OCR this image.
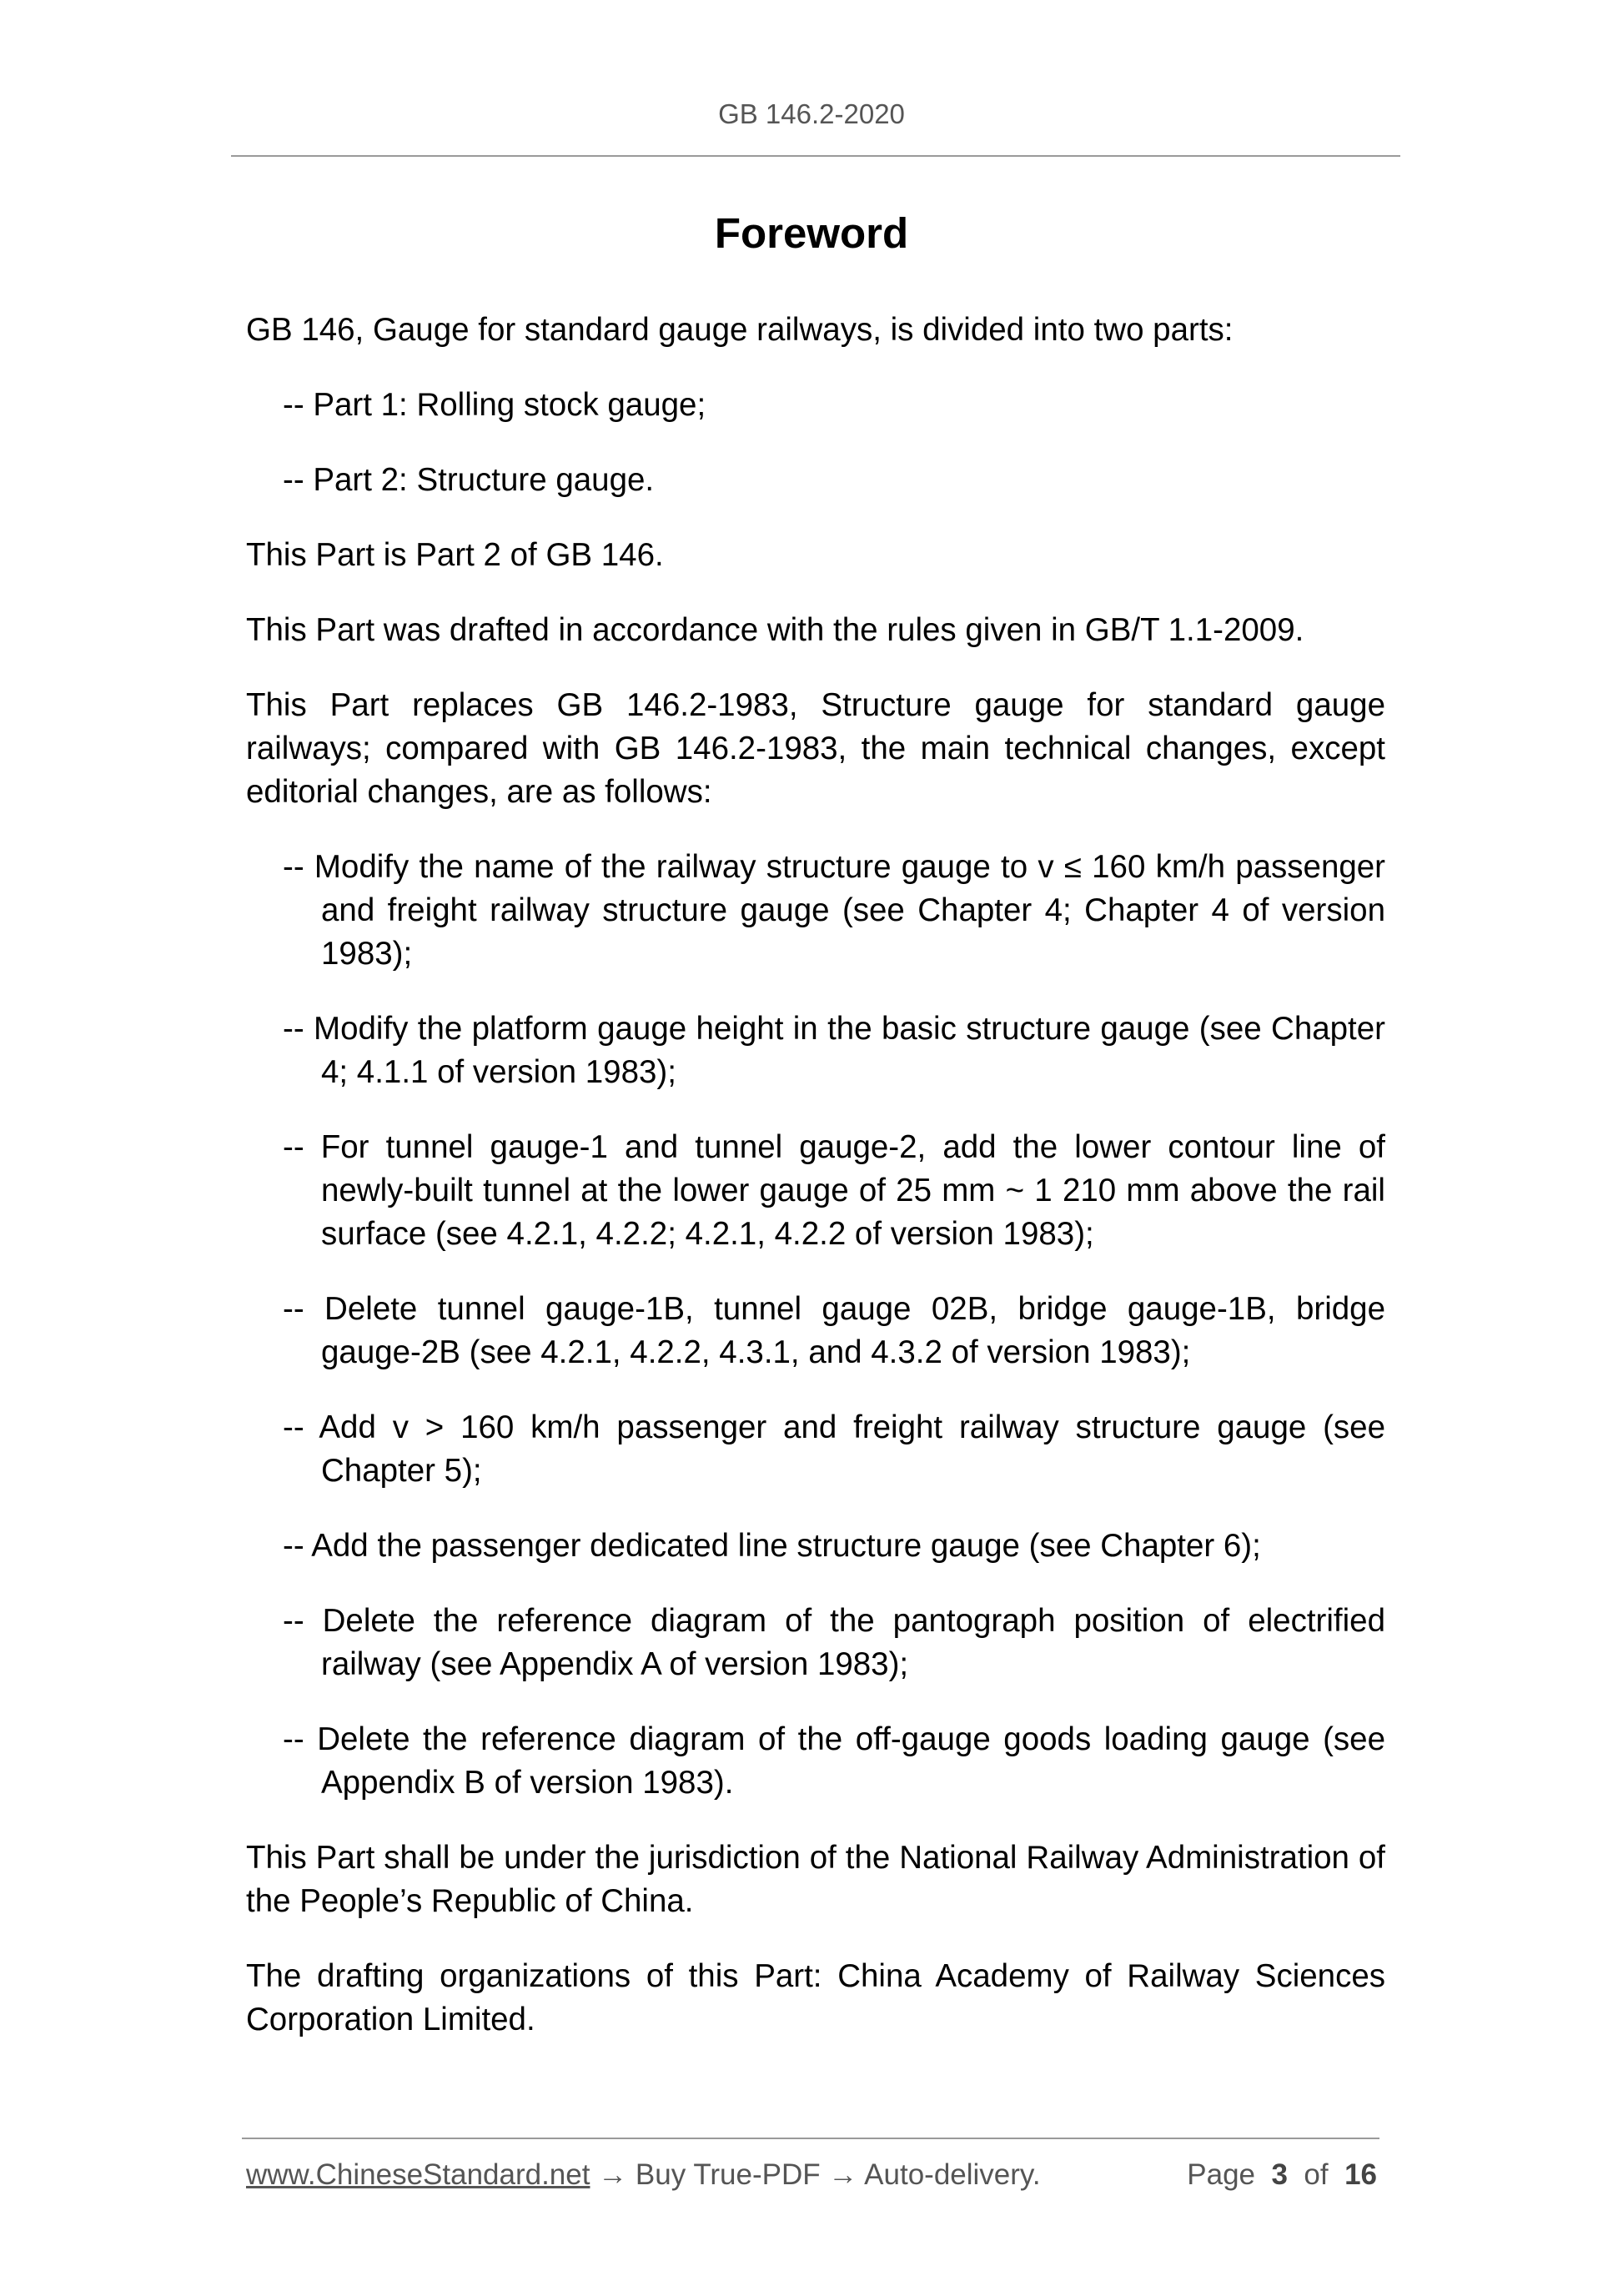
GB 146.2-2020
Foreword

GB 146, Gauge for standard gauge railways, is divided into two parts:

-- Part 1: Rolling stock gauge;

-- Part 2: Structure gauge.

This Part is Part 2 of GB 146.

This Part was drafted in accordance with the rules given in GB/T 1.1-2009.

This Part replaces GB 146.2-1983, Structure gauge for standard gauge railways; compared with GB 146.2-1983, the main technical changes, except editorial changes, are as follows:

-- Modify the name of the railway structure gauge to v ≤ 160 km/h passenger and freight railway structure gauge (see Chapter 4; Chapter 4 of version 1983);
-- Modify the platform gauge height in the basic structure gauge (see Chapter 4; 4.1.1 of version 1983);
-- For tunnel gauge-1 and tunnel gauge-2, add the lower contour line of newly-built tunnel at the lower gauge of 25 mm ~ 1 210 mm above the rail surface (see 4.2.1, 4.2.2; 4.2.1, 4.2.2 of version 1983);
-- Delete tunnel gauge-1B, tunnel gauge 02B, bridge gauge-1B, bridge gauge-2B (see 4.2.1, 4.2.2, 4.3.1, and 4.3.2 of version 1983);
-- Add v > 160 km/h passenger and freight railway structure gauge (see Chapter 5);
-- Add the passenger dedicated line structure gauge (see Chapter 6);
-- Delete the reference diagram of the pantograph position of electrified railway (see Appendix A of version 1983);
-- Delete the reference diagram of the off-gauge goods loading gauge (see Appendix B of version 1983).

This Part shall be under the jurisdiction of the National Railway Administration of the People’s Republic of China.

The drafting organizations of this Part: China Academy of Railway Sciences Corporation Limited.

www.ChineseStandard.net → Buy True-PDF → Auto-delivery.	Page 3 of 16
